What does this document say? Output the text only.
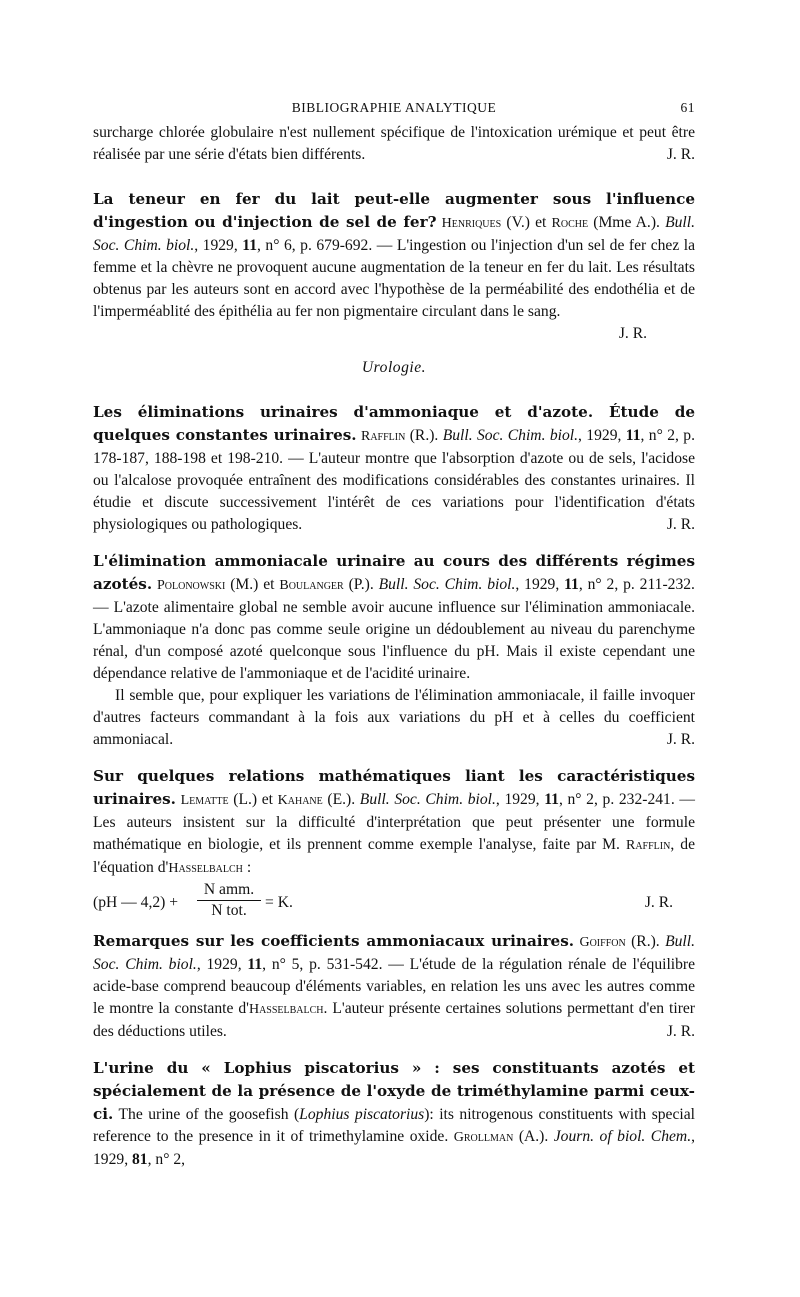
BIBLIOGRAPHIE ANALYTIQUE	61

surcharge chlorée globulaire n'est nullement spécifique de l'intoxication urémique et peut être réalisée par une série d'états bien différents.	J. R.

La teneur en fer du lait peut-elle augmenter sous l'influence d'ingestion ou d'injection de sel de fer? Henriques (V.) et Roche (Mme A.). Bull. Soc. Chim. biol., 1929, 11, n° 6, p. 679-692. — L'ingestion ou l'injection d'un sel de fer chez la femme et la chèvre ne provoquent aucune augmentation de la teneur en fer du lait. Les résultats obtenus par les auteurs sont en accord avec l'hypothèse de la perméabilité des endothélia et de l'imperméablité des épithélia au fer non pigmentaire circulant dans le sang.

J. R.

Urologie.

Les éliminations urinaires d'ammoniaque et d'azote. Étude de quelques constantes urinaires. Rafflin (R.). Bull. Soc. Chim. biol., 1929, 11, n° 2, p. 178-187, 188-198 et 198-210. — L'auteur montre que l'absorption d'azote ou de sels, l'acidose ou l'alcalose provoquée entraînent des modifications considérables des constantes urinaires. Il étudie et discute successivement l'intérêt de ces variations pour l'identification d'états physiologiques ou pathologiques.	J. R.

L'élimination ammoniacale urinaire au cours des différents régimes azotés. Polonowski (M.) et Boulanger (P.). Bull. Soc. Chim. biol., 1929, 11, n° 2, p. 211-232. — L'azote alimentaire global ne semble avoir aucune influence sur l'élimination ammoniacale. L'ammoniaque n'a donc pas comme seule origine un dédoublement au niveau du parenchyme rénal, d'un composé azoté quelconque sous l'influence du pH. Mais il existe cependant une dépendance relative de l'ammoniaque et de l'acidité urinaire.

Il semble que, pour expliquer les variations de l'élimination ammoniacale, il faille invoquer d'autres facteurs commandant à la fois aux variations du pH et à celles du coefficient ammoniacal.	J. R.

Sur quelques relations mathématiques liant les caractéristiques urinaires. Lematte (L.) et Kahane (E.). Bull. Soc. Chim. biol., 1929, 11, n° 2, p. 232-241. — Les auteurs insistent sur la difficulté d'interprétation que peut présenter une formule mathématique en biologie, et ils prennent comme exemple l'analyse, faite par M. Rafflin, de l'équation d'Hasselbalch :

(pH — 4,2) +
N amm.
N tot.	= K.	J. R.

Remarques sur les coefficients ammoniacaux urinaires. Goiffon (R.). Bull. Soc. Chim. biol., 1929, 11, n° 5, p. 531-542. — L'étude de la régulation rénale de l'équilibre acide-base comprend beaucoup d'éléments variables, en relation les uns avec les autres comme le montre la constante d'Hasselbalch. L'auteur présente certaines solutions permettant d'en tirer des déductions utiles.	J. R.

L'urine du « Lophius piscatorius » : ses constituants azotés et spécialement de la présence de l'oxyde de triméthylamine parmi ceux-ci. The urine of the goosefish (Lophius piscatorius): its nitrogenous constituents with special reference to the presence in it of trimethylamine oxide. Grollman (A.). Journ. of biol. Chem., 1929, 81, n° 2,
